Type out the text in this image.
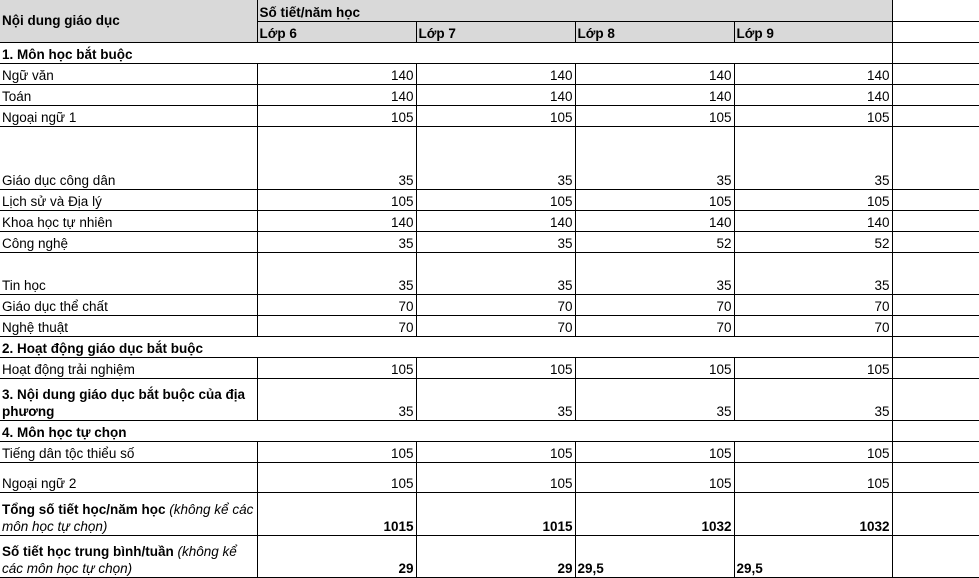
Nội dung giáo dục	Số tiết/năm học				
	Lớp 6	Lớp 7	Lớp 8	Lớp 9	
1. Môn học bắt buộc					
Ngữ văn	140	140	140	140	
Toán	140	140	140	140	
Ngoại ngữ 1	105	105	105	105	
Giáo dục công dân	35	35	35	35	
Lịch sử và Địa lý	105	105	105	105	
Khoa học tự nhiên	140	140	140	140	
Công nghệ	35	35	52	52	
Tin học	35	35	35	35	
Giáo dục thể chất	70	70	70	70	
Nghệ thuật	70	70	70	70	
2. Hoạt động giáo dục bắt buộc					
Hoạt động trải nghiệm	105	105	105	105	
3. Nội dung giáo dục bắt buộc của địa phương	35	35	35	35	
4. Môn học tự chọn					
Tiếng dân tộc thiểu số	105	105	105	105	
Ngoại ngữ 2	105	105	105	105	
Tổng số tiết học/năm học (không kể các môn học tự chọn)	1015	1015	1032	1032	
Số tiết học trung bình/tuần (không kể các môn học tự chọn)	29	29	29,5	29,5	
